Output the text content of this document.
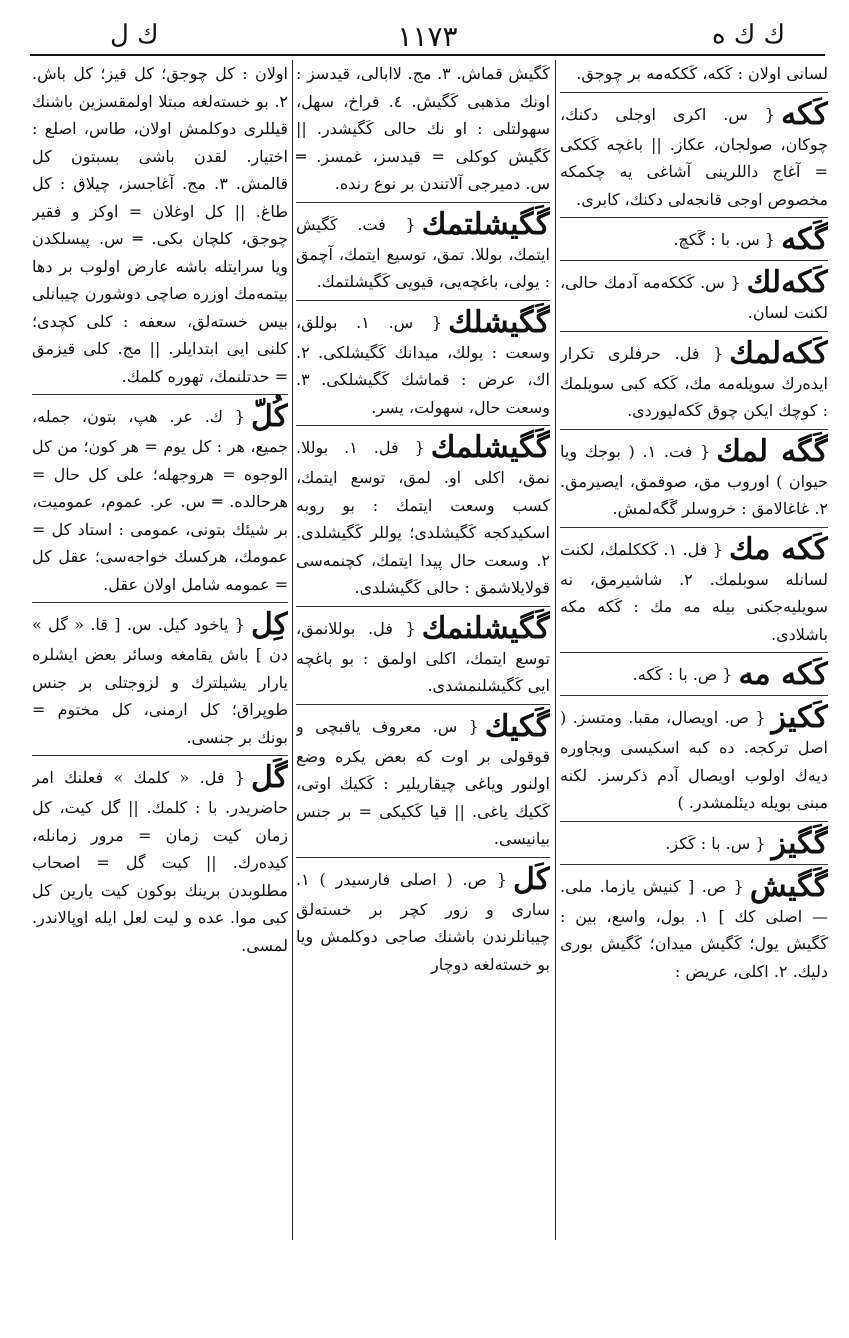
ك ك ه
١١٧٣
ك ل

لسانى اولان : كَكه، كَككه‌مه بر چوجق.

كَكه{ س. اكرى اوجلى دكنك، چوكان، صولجان، عكاز. || باغچه كَككى = آغاج داللرينى آشاغى يه چكمكه مخصوص اوجى قانجه‌لى دكنك، كابرى.

گَكه{ س. با : گَكچ.

كَكه‌لك{ س. كَككه‌مه آدمك حالى، لكنت لسان.

كَكه‌لمك{ فل. حرفلرى تكرار ايده‌رك سويله‌مه مك، كَكه كبى سويلمك : كوچك ايكن چوق كَكه‌ليوردى.

گَگه لمك{ فت. ١. ( بوجك ويا حيوان ) اوروب مق، صوقمق، ايصيرمق. ٢. غاغالامق : خروسلر گَگه‌لمش.

كَكه مك{ فل. ١. كَككلمك، لكنت لسانله سوبلمك. ٢. شاشيرمق، نه سويليه‌جكنى بيله مه مك : كَكه مكه باشلادى.

كَكه مه{ ص. با : كَكه.

كَكيز{ ص. اويصال، مقبا. ومتسز. ( اصل تركجه. ده كبه اسكيسى وبجاوره ديه‌ك اولوب اويصال آدم ذكرسز. لكنه مبنى بويله ديئلمشدر. )

گَگيز{ س. با : كَكز.

گَگيش{ ص. [ كنيش يازما. ملى. — اصلى كك ] ١. بول، واسع، بين : كَگيش يول؛ كَگيش ميدان؛ كَگيش بورى دليك. ٢. اكلى، عريض :

كَگيش قماش. ٣. مج. لاابالى، قيدسز : اونك مذهبى كَگيش. ٤. فراخ، سهل، سهولتلى : او نك حالى كَگيشدر. || كَگيش كوكلى = قيدسز، غمسز. ═ س. دميرجى آلاتندن بر نوع رنده.

گَگيشلتمك{ فت. كَگيش ايتمك، بوللا. تمق، توسيع ايتمك، آچمق : يولى، باغچه‌يى، قيويى كَگيشلتمك.

گَگيشلك{ س. ١. بوللق، وسعت : يولك، ميدانك كَگيشلكى. ٢. اك، عرض : قماشك كَگيشلكى. ٣. وسعت حال، سهولت، يسر.

گَگيشلمك{ فل. ١. بوللا. نمق، اكلى او. لمق، توسع ايتمك، كسب وسعت ايتمك : بو روبه اسكيدكجه كَگيشلدى؛ يوللر كَگيشلدى. ٢. وسعت حال پيدا ايتمك، كچنمه‌سى قولايلاشمق : حالى كَگيشلدى.

گَگيشلنمك{ فل. بوللانمق، توسع ايتمك، اكلى اولمق : بو باغچه ايى كَگيشلنمشدى.

گَكيك{ س. معروف ياقبچى و قوقولى بر اوت كه بعض يكره وضع اولنور وياغى چيقاريلير : كَكيك اوتى، كَكيك ياغى. || قيا كَكيكى = بر جنس بيانيسى.

كَل{ ص. ( اصلى فارسيدر ) ١. سارى و زور كچر بر خسته‌لق چيبانلرندن باشنك صاجى دوكلمش ويا بو خسته‌لغه دوچار

اولان : كل چوجق؛ كل قيز؛ كل باش. ٢. بو خسته‌لغه مبتلا اولمقسزين باشنك قيللرى دوكلمش اولان، طاس، اصلع : اختيار. لقدن باشى بسبتون كل قالمش. ٣. مج. آغاجسز، چيلاق : كل طاغ. || كل اوغلان = اوكز و فقير چوجق، كلچان بكى. ═ س. پيسلكدن ويا سرايتله باشه عارض اولوب بر دها بيتمه‌مك اوزره صاچى دوشورن چيبانلى بيس خسته‌لق، سعفه : كلى كچدى؛ كلنى ايى ابتدايلر. || مج. كلى قيزمق = حدتلنمك، تهوره كلمك.

كُلّ{ ك. عر. هپ، بتون، جمله، جميع، هر : كل يوم = هر كون؛ من كل الوجوه = هروجهله؛ على كل حال = هرحالده. ═ س. عر. عموم، عموميت، بر شيئك بتونى، عمومى : استاد كل = عمومك، هركسك خواجه‌سى؛ عقل كل = عمومه شامل اولان عقل.

كِل{ ياخود كيل. س. [ قا. « گل » دن ] باش يقامغه وسائر بعض ايشلره يارار يشيلترك و لزوجتلى بر جنس طوپراق؛ كل ارمنى، كل مختوم = بونك بر جنسى.

گَل{ فل. « كلمك » فعلنك امر حاضريدر. با : كلمك. || گل كيت، كل زمان كيت زمان = مرور زمانله، كيده‌رك. || كيت گل = اصحاب مطلوبدن برينك بوكون كيت يارين كل كبى موا. عده و ليت لعل ايله اوپالاندر. لمسى.
